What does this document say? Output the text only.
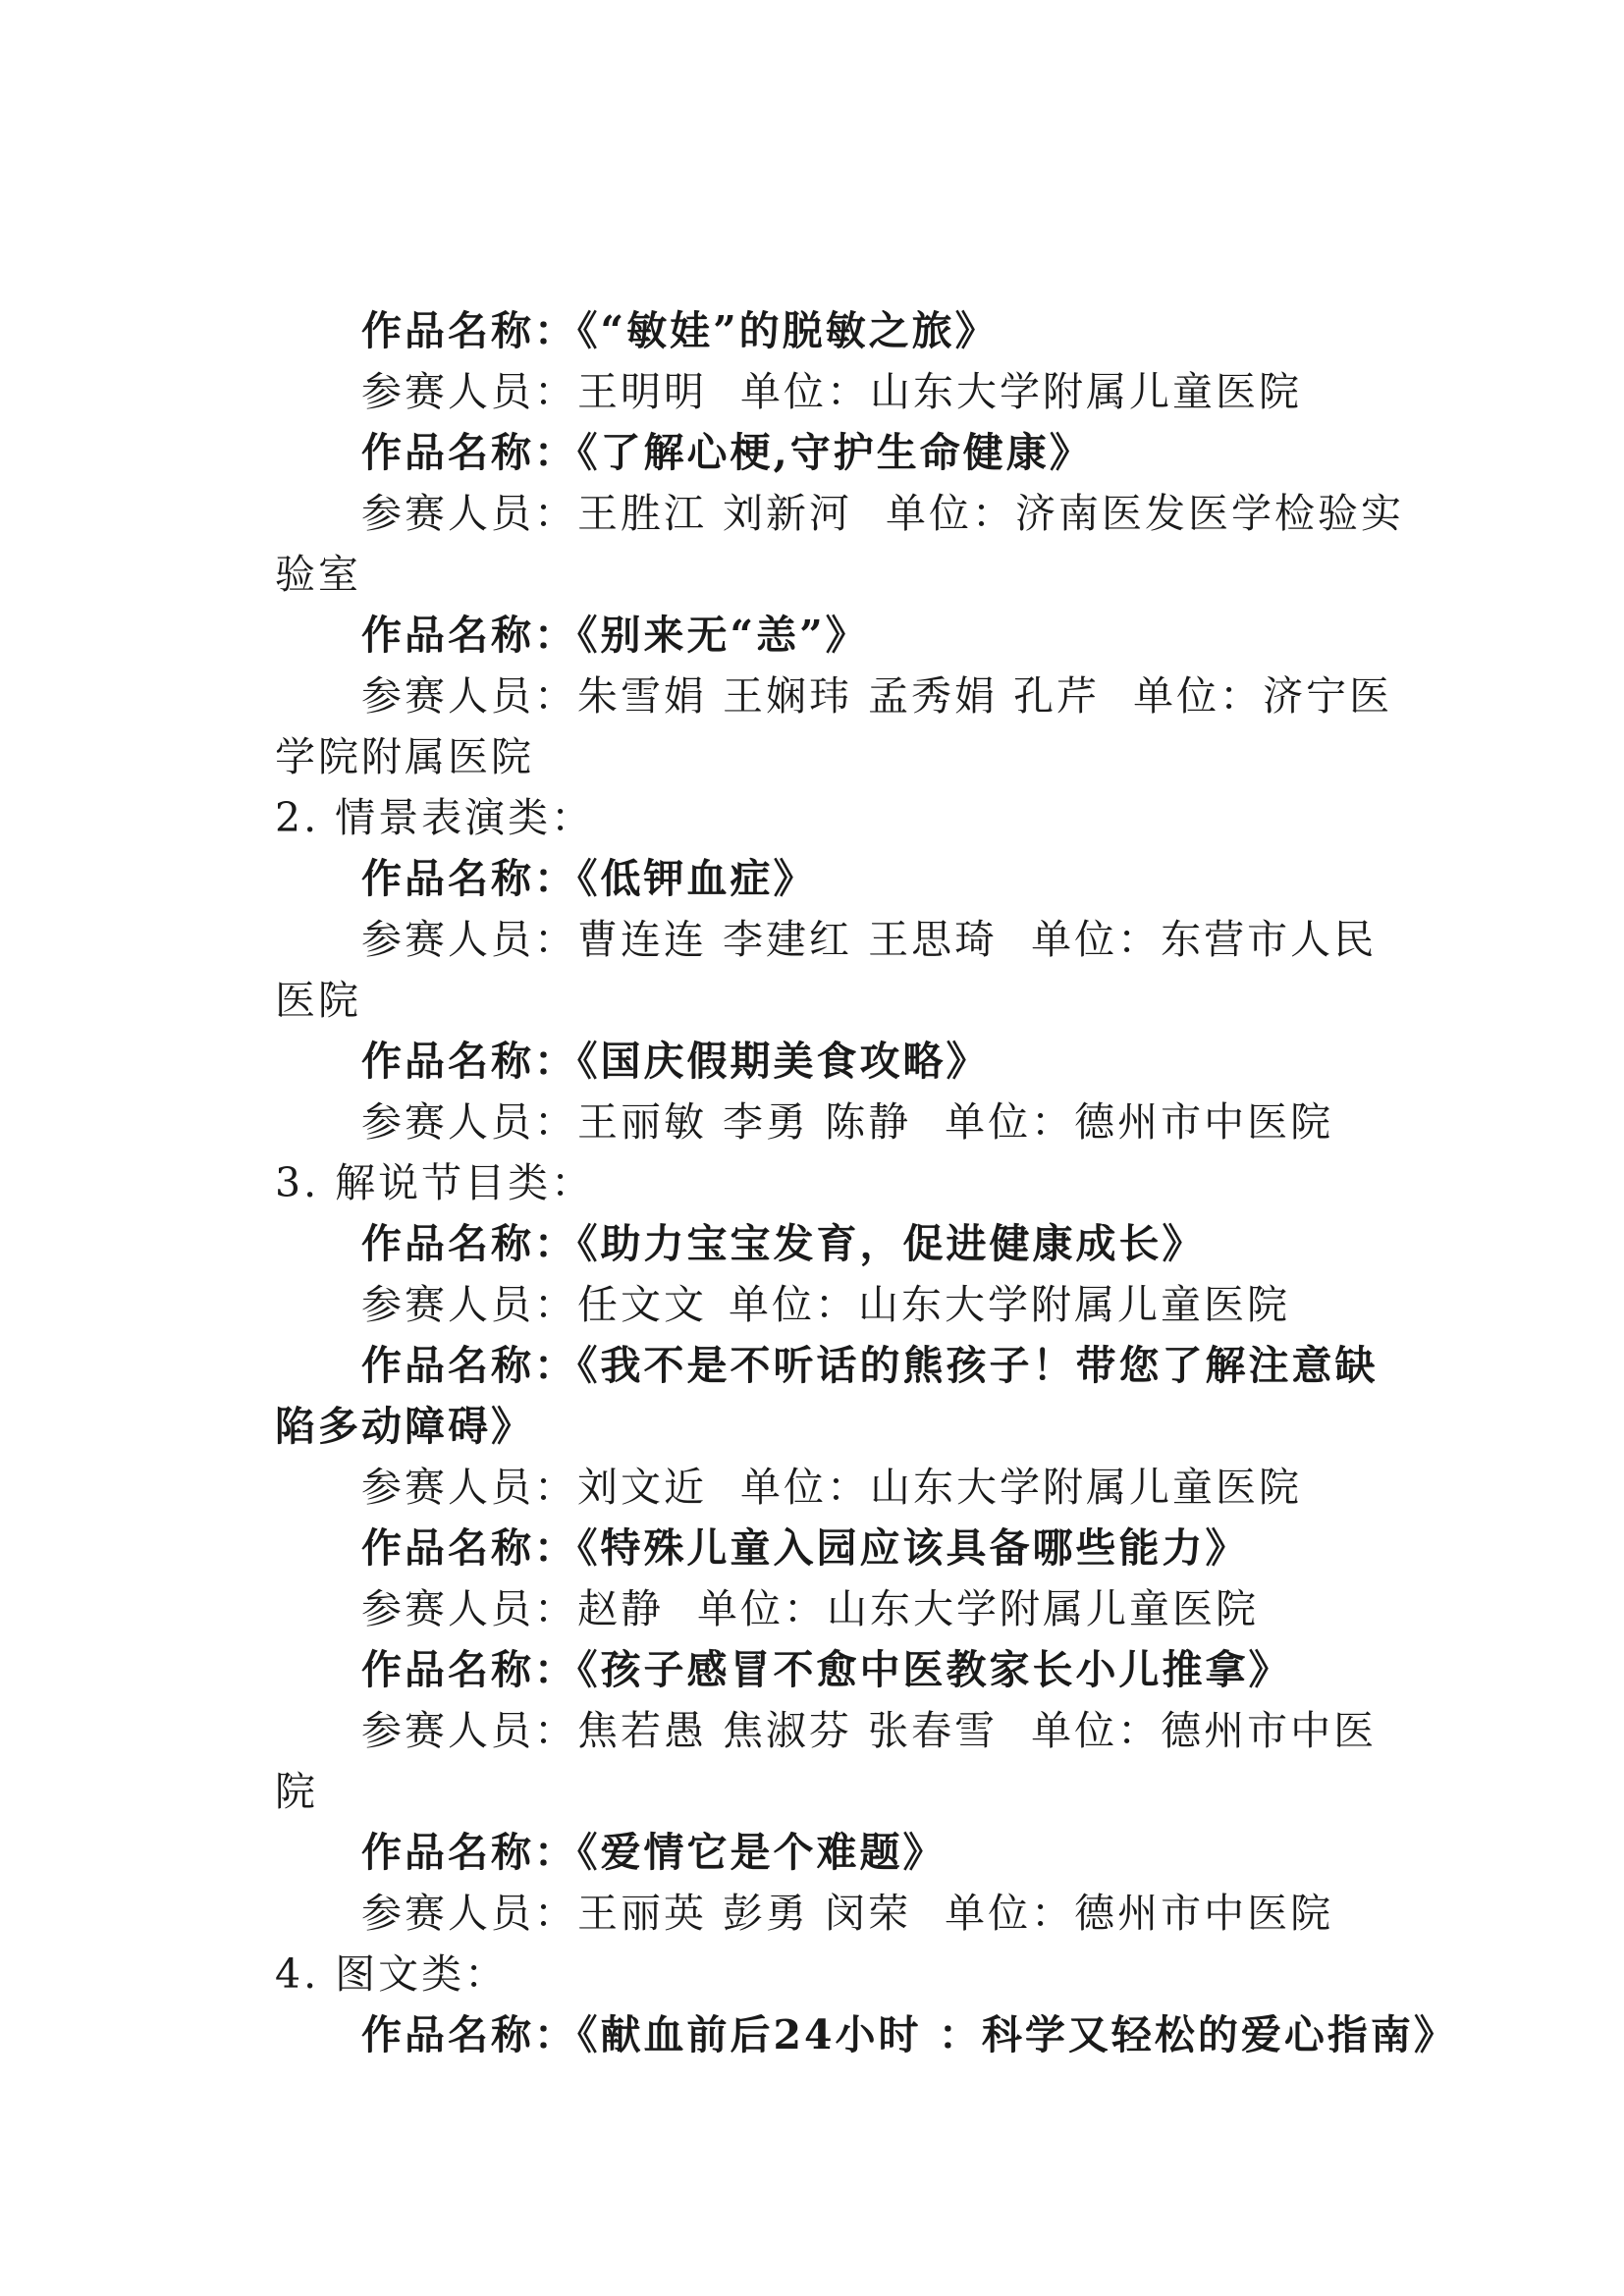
作品名称：《“敏娃”的脱敏之旅》

参赛人员：王明明 单位：山东大学附属儿童医院

作品名称：《了解心梗,守护生命健康》

参赛人员：王胜江 刘新河 单位：济南医发医学检验实

验室

作品名称：《别来无“恙”》

参赛人员：朱雪娟 王娴玮 孟秀娟 孔芹 单位：济宁医

学院附属医院

2. 情景表演类：

作品名称：《低钾血症》

参赛人员：曹连连 李建红 王思琦 单位：东营市人民

医院

作品名称：《国庆假期美食攻略》

参赛人员：王丽敏 李勇 陈静 单位：德州市中医院

3. 解说节目类：

作品名称：《助力宝宝发育，促进健康成长》

参赛人员：任文文 单位：山东大学附属儿童医院

作品名称：《我不是不听话的熊孩子！带您了解注意缺

陷多动障碍》

参赛人员：刘文近 单位：山东大学附属儿童医院

作品名称：《特殊儿童入园应该具备哪些能力》

参赛人员：赵静 单位：山东大学附属儿童医院

作品名称：《孩子感冒不愈中医教家长小儿推拿》

参赛人员：焦若愚 焦淑芬 张春雪 单位：德州市中医

院

作品名称：《爱情它是个难题》

参赛人员：王丽英 彭勇 闵荣 单位：德州市中医院

4. 图文类：

作品名称：《献血前后24小时 ：科学又轻松的爱心指南》
